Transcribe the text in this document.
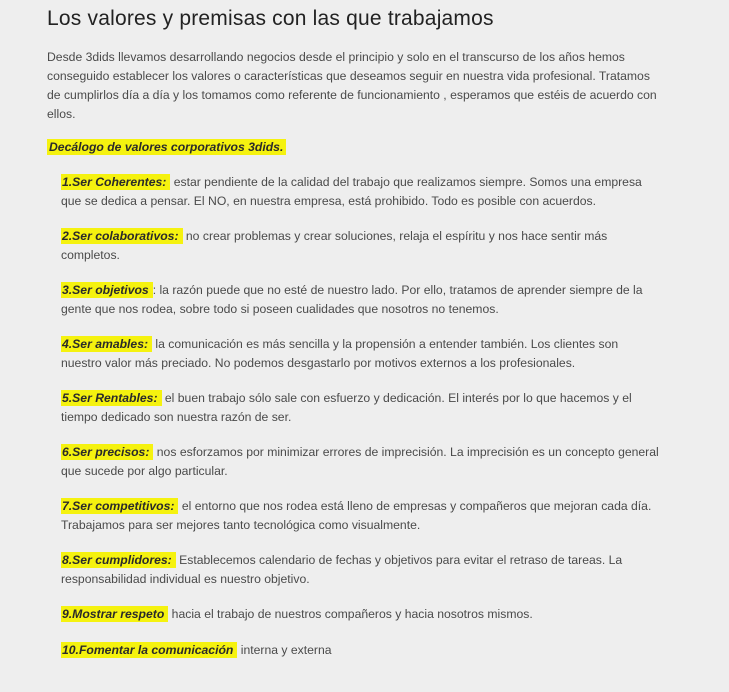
Los valores y premisas con las que trabajamos

Desde 3dids llevamos desarrollando negocios desde el principio y solo en el transcurso de los años hemos conseguido establecer los valores o características que deseamos seguir en nuestra vida profesional. Tratamos de cumplirlos día a día y los tomamos como referente de funcionamiento , esperamos que estéis de acuerdo con ellos.

Decálogo de valores corporativos 3dids.

1.Ser Coherentes: estar pendiente de la calidad del trabajo que realizamos siempre. Somos una empresa que se dedica a pensar. El NO, en nuestra empresa, está prohibido. Todo es posible con acuerdos.
2.Ser colaborativos: no crear problemas y crear soluciones, relaja el espíritu y nos hace sentir más completos.
3.Ser objetivos : la razón puede que no esté de nuestro lado. Por ello, tratamos de aprender siempre de la gente que nos rodea, sobre todo si poseen cualidades que nosotros no tenemos.
4.Ser amables: la comunicación es más sencilla y la propensión a entender también. Los clientes son nuestro valor más preciado. No podemos desgastarlo por motivos externos a los profesionales.
5.Ser Rentables: el buen trabajo sólo sale con esfuerzo y dedicación. El interés por lo que hacemos y el tiempo dedicado son nuestra razón de ser.
6.Ser precisos: nos esforzamos por minimizar errores de imprecisión. La imprecisión es un concepto general que sucede por algo particular.
7.Ser competitivos: el entorno que nos rodea está lleno de empresas y compañeros que mejoran cada día. Trabajamos para ser mejores tanto tecnológica como visualmente.
8.Ser cumplidores: Establecemos calendario de fechas y objetivos para evitar el retraso de tareas. La responsabilidad individual es nuestro objetivo.
9.Mostrar respeto hacia el trabajo de nuestros compañeros y hacia nosotros mismos.
10.Fomentar la comunicación interna y externa
